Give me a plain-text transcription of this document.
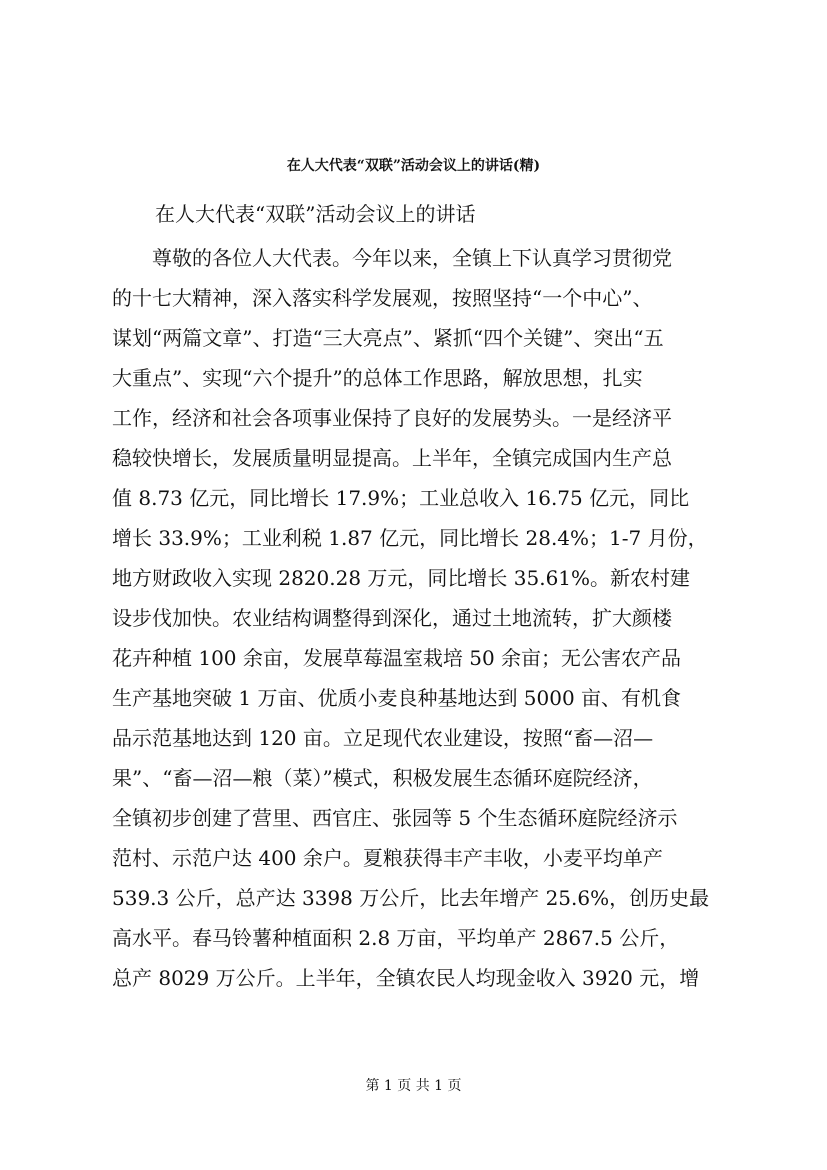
在人大代表“双联”活动会议上的讲话(精)
在人大代表“双联”活动会议上的讲话
尊敬的各位人大代表。今年以来，全镇上下认真学习贯彻党
的十七大精神，深入落实科学发展观，按照坚持“一个中心”、
谋划“两篇文章”、打造“三大亮点”、紧抓“四个关键”、突出“五
大重点”、实现“六个提升”的总体工作思路，解放思想，扎实
工作，经济和社会各项事业保持了良好的发展势头。一是经济平
稳较快增长，发展质量明显提高。上半年，全镇完成国内生产总
值 8.73 亿元，同比增长 17.9%；工业总收入 16.75 亿元，同比
增长 33.9%；工业利税 1.87 亿元，同比增长 28.4%；1-7 月份，
地方财政收入实现 2820.28 万元，同比增长 35.61%。新农村建
设步伐加快。农业结构调整得到深化，通过土地流转，扩大颜楼
花卉种植 100 余亩，发展草莓温室栽培 50 余亩；无公害农产品
生产基地突破 1 万亩、优质小麦良种基地达到 5000 亩、有机食
品示范基地达到 120 亩。立足现代农业建设，按照“畜—沼—
果”、“畜—沼—粮（菜）”模式，积极发展生态循环庭院经济，
全镇初步创建了营里、西官庄、张园等 5 个生态循环庭院经济示
范村、示范户达 400 余户。夏粮获得丰产丰收，小麦平均单产
539.3 公斤，总产达 3398 万公斤，比去年增产 25.6%，创历史最
高水平。春马铃薯种植面积 2.8 万亩，平均单产 2867.5 公斤，
总产 8029 万公斤。上半年，全镇农民人均现金收入 3920 元，增
第 1 页 共 1 页
